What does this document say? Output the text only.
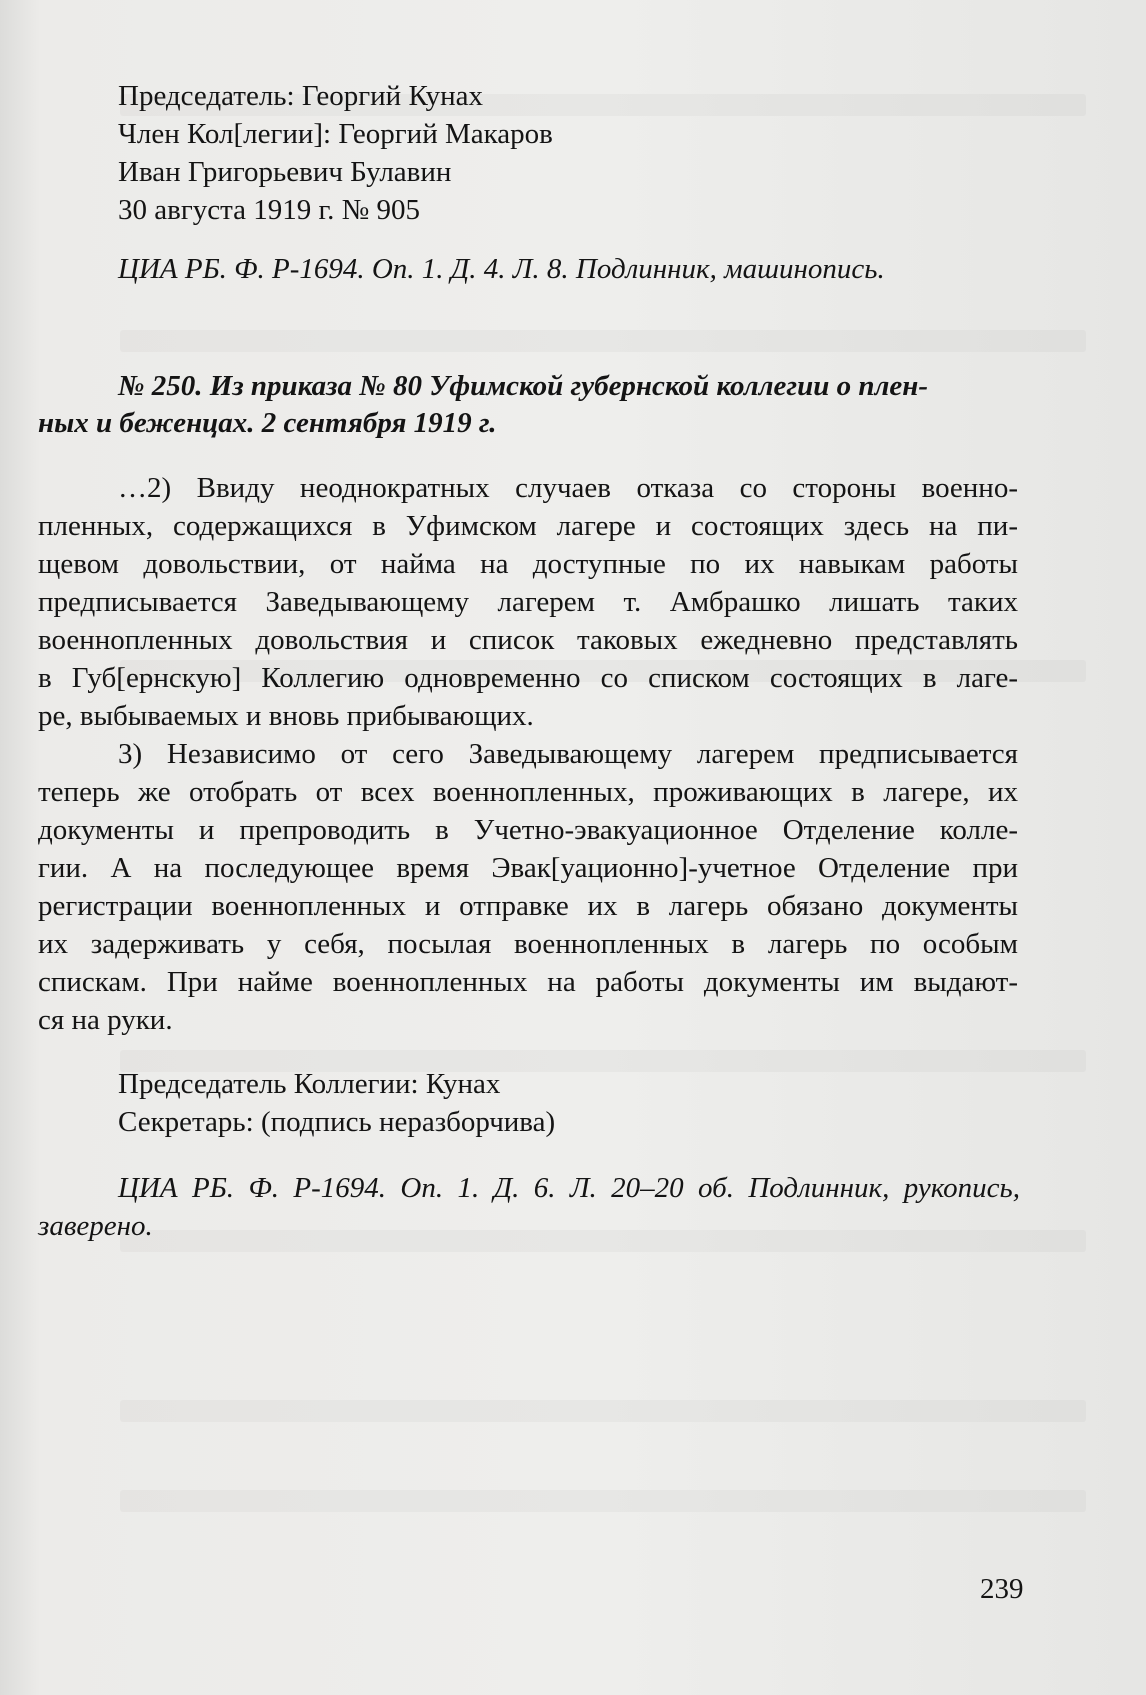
Председатель: Георгий Кунах
Член Кол[легии]: Георгий Макаров
Иван Григорьевич Булавин
30 августа 1919 г. № 905
ЦИА РБ. Ф. Р-1694. Оп. 1. Д. 4. Л. 8. Подлинник, машинопись.
№ 250. Из приказа № 80 Уфимской губернской коллегии о плен-
ных и беженцах. 2 сентября 1919 г.
…2) Ввиду неоднократных случаев отказа со стороны военно-
пленных, содержащихся в Уфимском лагере и состоящих здесь на пи-
щевом довольствии, от найма на доступные по их навыкам работы
предписывается Заведывающему лагерем т. Амбрашко лишать таких
военнопленных довольствия и список таковых ежедневно представлять
в Губ[ернскую] Коллегию одновременно со списком состоящих в лаге-
ре, выбываемых и вновь прибывающих.
3) Независимо от сего Заведывающему лагерем предписывается
теперь же отобрать от всех военнопленных, проживающих в лагере, их
документы и препроводить в Учетно-эвакуационное Отделение колле-
гии. А на последующее время Эвак[уационно]-учетное Отделение при
регистрации военнопленных и отправке их в лагерь обязано документы
их задерживать у себя, посылая военнопленных в лагерь по особым
спискам. При найме военнопленных на работы документы им выдают-
ся на руки.
Председатель Коллегии: Кунах
Секретарь: (подпись неразборчива)
ЦИА РБ. Ф. Р-1694. Оп. 1. Д. 6. Л. 20–20 об. Подлинник, рукопись,
заверено.
239
